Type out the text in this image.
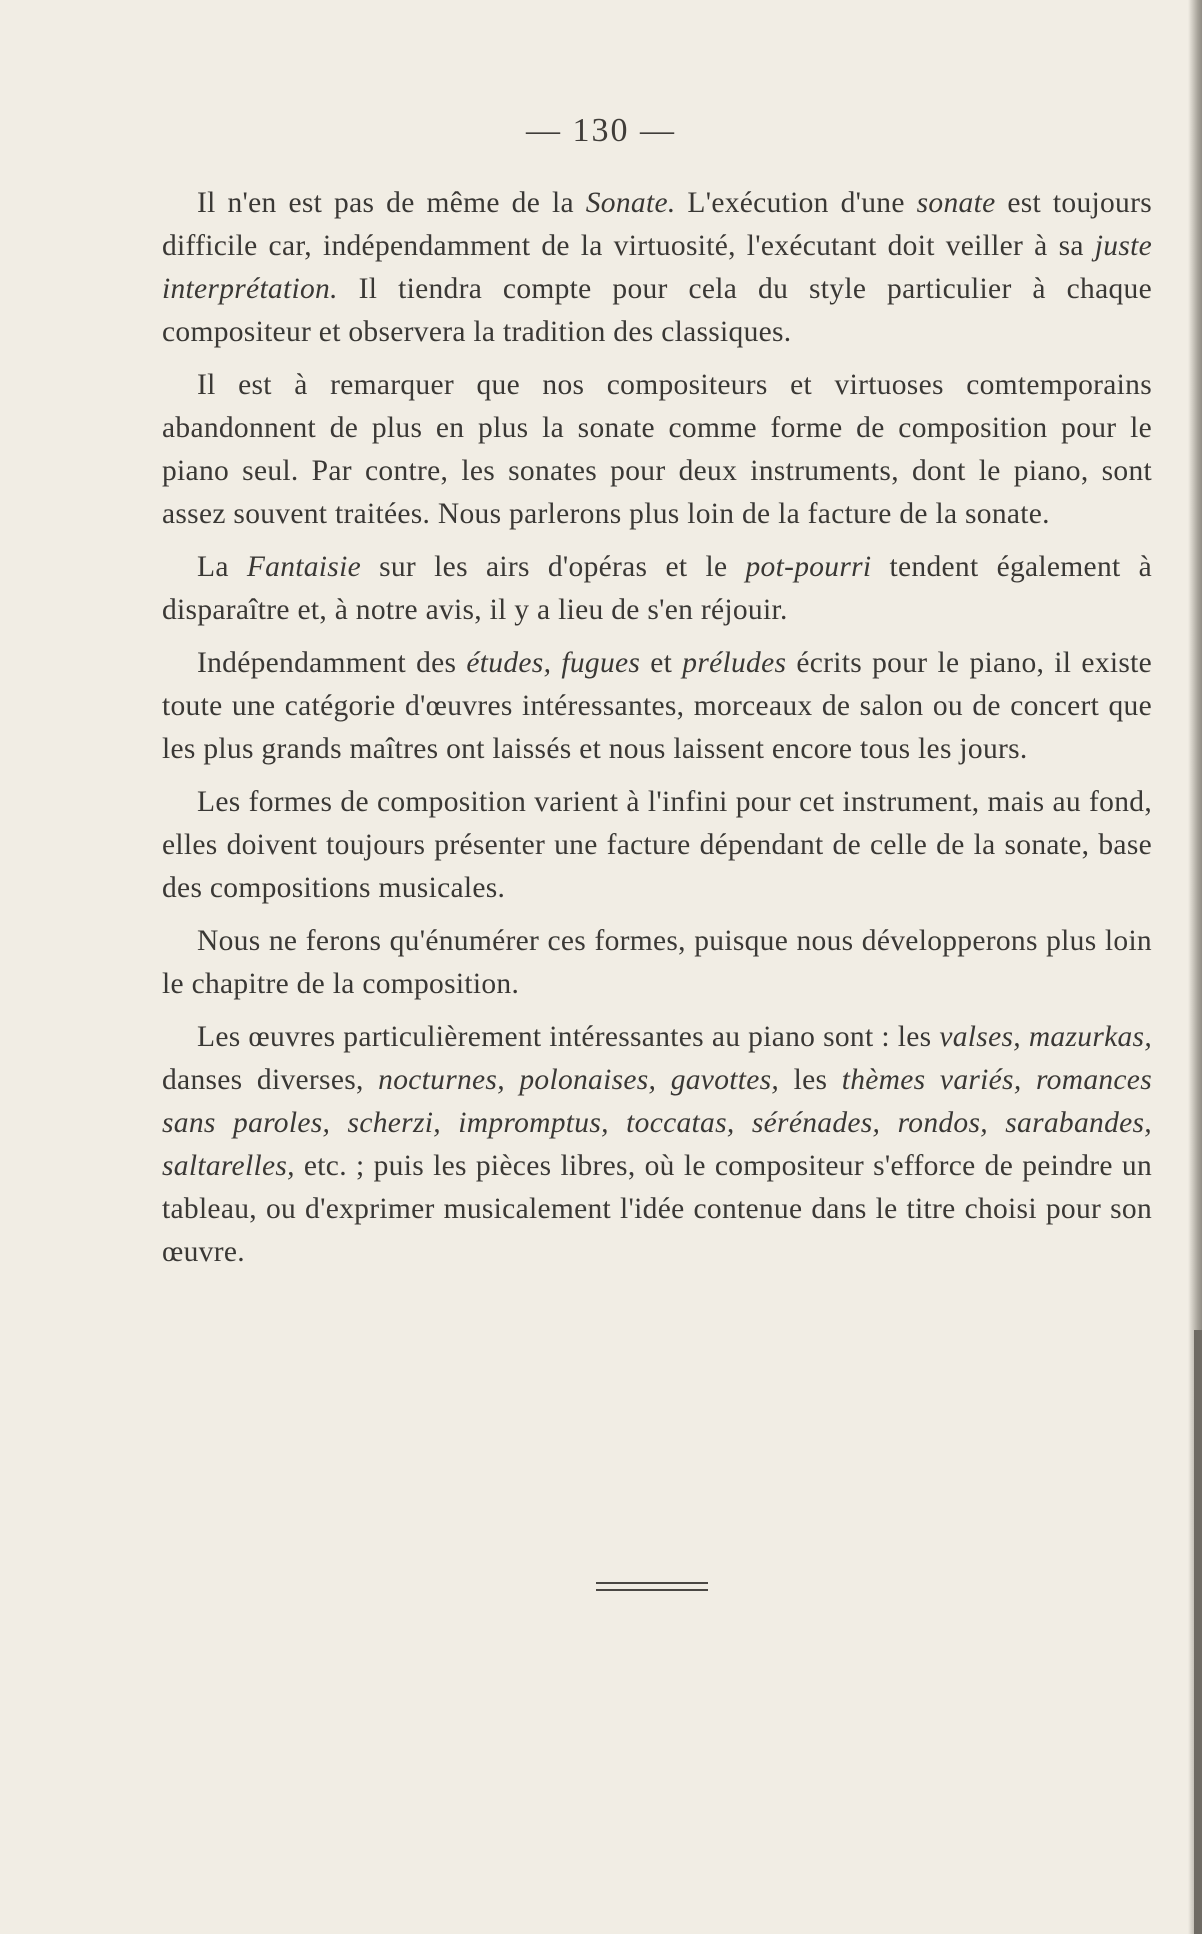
— 130 —

Il n'en est pas de même de la Sonate. L'exécution d'une sonate est toujours difficile car, indépendamment de la virtuosité, l'exécutant doit veiller à sa juste interprétation. Il tiendra compte pour cela du style particulier à chaque compositeur et observera la tradition des classiques.

Il est à remarquer que nos compositeurs et virtuoses comtemporains abandonnent de plus en plus la sonate comme forme de composition pour le piano seul. Par contre, les sonates pour deux instruments, dont le piano, sont assez souvent traitées. Nous parlerons plus loin de la facture de la sonate.

La Fantaisie sur les airs d'opéras et le pot-pourri tendent également à disparaître et, à notre avis, il y a lieu de s'en réjouir.

Indépendamment des études, fugues et préludes écrits pour le piano, il existe toute une catégorie d'œuvres intéressantes, morceaux de salon ou de concert que les plus grands maîtres ont laissés et nous laissent encore tous les jours.

Les formes de composition varient à l'infini pour cet instrument, mais au fond, elles doivent toujours présenter une facture dépendant de celle de la sonate, base des compositions musicales.

Nous ne ferons qu'énumérer ces formes, puisque nous développerons plus loin le chapitre de la composition.

Les œuvres particulièrement intéressantes au piano sont : les valses, mazurkas, danses diverses, nocturnes, polonaises, gavottes, les thèmes variés, romances sans paroles, scherzi, impromptus, toccatas, sérénades, rondos, sarabandes, saltarelles, etc. ; puis les pièces libres, où le compositeur s'efforce de peindre un tableau, ou d'exprimer musicalement l'idée contenue dans le titre choisi pour son œuvre.
